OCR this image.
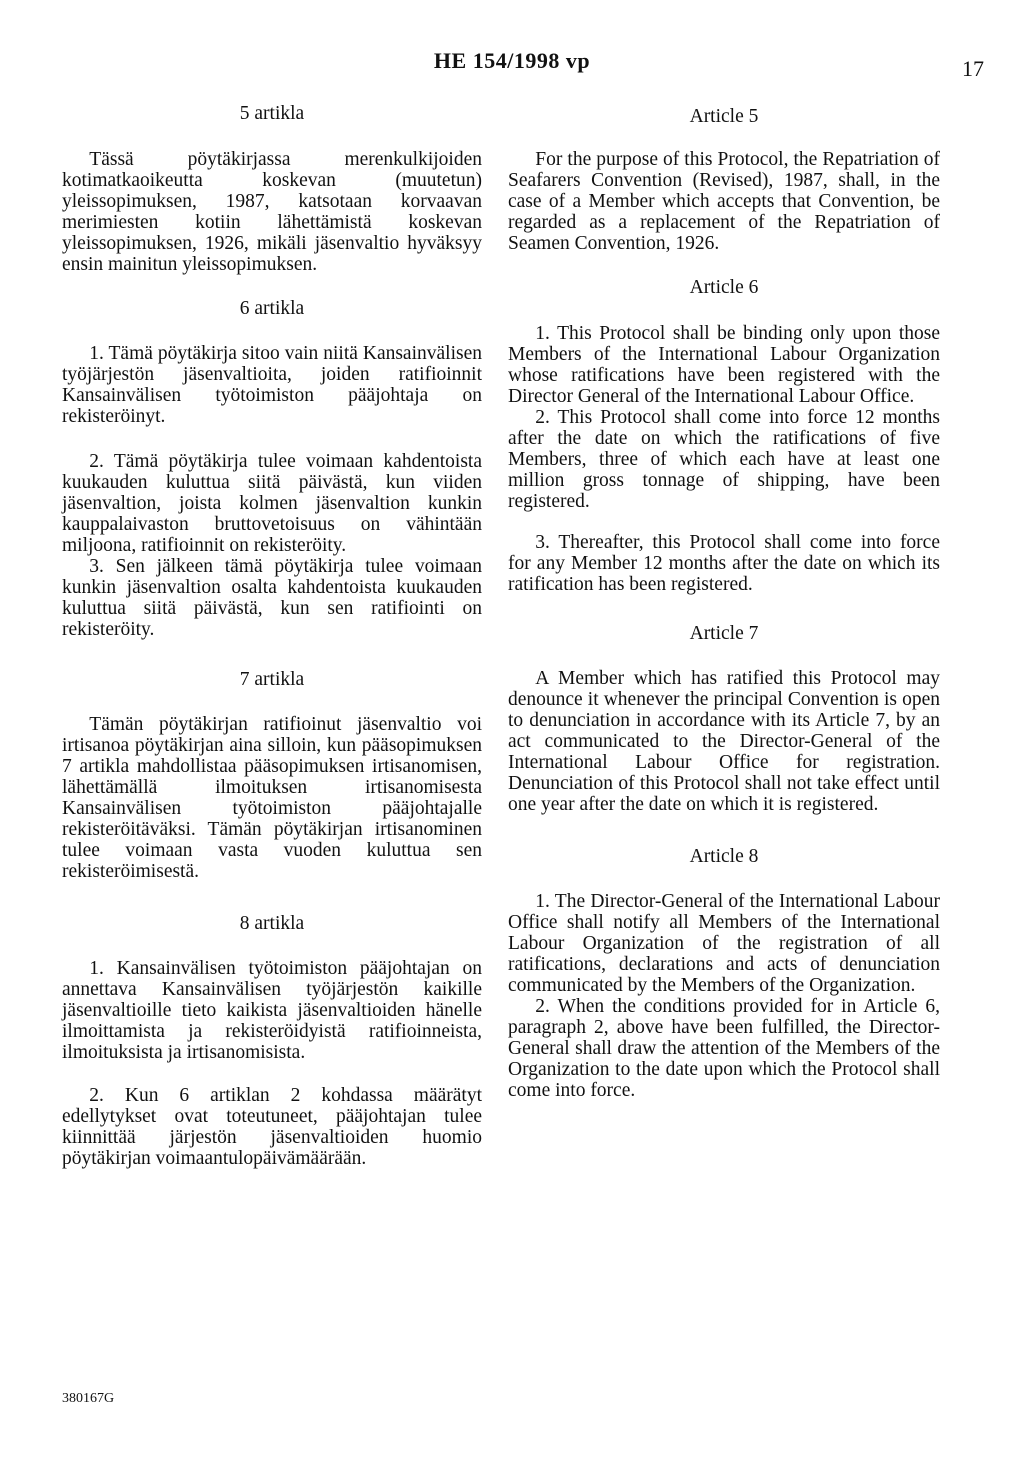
HE 154/1998 vp	17

5 artikla

Tässä pöytäkirjassa merenkulkijoiden kotimatkaoikeutta koskevan (muutetun) yleissopimuksen, 1987, katsotaan korvaavan merimiesten kotiin lähettämistä koskevan yleissopimuksen, 1926, mikäli jäsenvaltio hyväksyy ensin mainitun yleissopimuksen.

6 artikla

1. Tämä pöytäkirja sitoo vain niitä Kansainvälisen työjärjestön jäsenvaltioita, joiden ratifioinnit Kansainvälisen työtoimiston pääjohtaja on rekisteröinyt.

2. Tämä pöytäkirja tulee voimaan kahdentoista kuukauden kuluttua siitä päivästä, kun viiden jäsenvaltion, joista kolmen jäsenvaltion kunkin kauppalaivaston bruttovetoisuus on vähintään miljoona, ratifioinnit on rekisteröity.

3. Sen jälkeen tämä pöytäkirja tulee voimaan kunkin jäsenvaltion osalta kahdentoista kuukauden kuluttua siitä päivästä, kun sen ratifiointi on rekisteröity.

7 artikla

Tämän pöytäkirjan ratifioinut jäsenvaltio voi irtisanoa pöytäkirjan aina silloin, kun pääsopimuksen 7 artikla mahdollistaa pääsopimuksen irtisanomisen, lähettämällä ilmoituksen irtisanomisesta Kansainvälisen työtoimiston pääjohtajalle rekisteröitäväksi. Tämän pöytäkirjan irtisanominen tulee voimaan vasta vuoden kuluttua sen rekisteröimisestä.

8 artikla

1. Kansainvälisen työtoimiston pääjohtajan on annettava Kansainvälisen työjärjestön kaikille jäsenvaltioille tieto kaikista jäsenvaltioiden hänelle ilmoittamista ja rekisteröidyistä ratifioinneista, ilmoituksista ja irtisanomisista.

2. Kun 6 artiklan 2 kohdassa määrätyt edellytykset ovat toteutuneet, pääjohtajan tulee kiinnittää järjestön jäsenvaltioiden huomio pöytäkirjan voimaantulopäivämäärään.

Article 5

For the purpose of this Protocol, the Repatriation of Seafarers Convention (Revised), 1987, shall, in the case of a Member which accepts that Convention, be regarded as a replacement of the Repatriation of Seamen Convention, 1926.

Article 6

1. This Protocol shall be binding only upon those Members of the International Labour Organization whose ratifications have been registered with the Director General of the International Labour Office.

2. This Protocol shall come into force 12 months after the date on which the ratifications of five Members, three of which each have at least one million gross tonnage of shipping, have been registered.

3. Thereafter, this Protocol shall come into force for any Member 12 months after the date on which its ratification has been registered.

Article 7

A Member which has ratified this Protocol may denounce it whenever the principal Convention is open to denunciation in accordance with its Article 7, by an act communicated to the Director-General of the International Labour Office for registration. Denunciation of this Protocol shall not take effect until one year after the date on which it is registered.

Article 8

1. The Director-General of the International Labour Office shall notify all Members of the International Labour Organization of the registration of all ratifications, declarations and acts of denunciation communicated by the Members of the Organization.

2. When the conditions provided for in Article 6, paragraph 2, above have been fulfilled, the Director-General shall draw the attention of the Members of the Organization to the date upon which the Protocol shall come into force.

380167G
